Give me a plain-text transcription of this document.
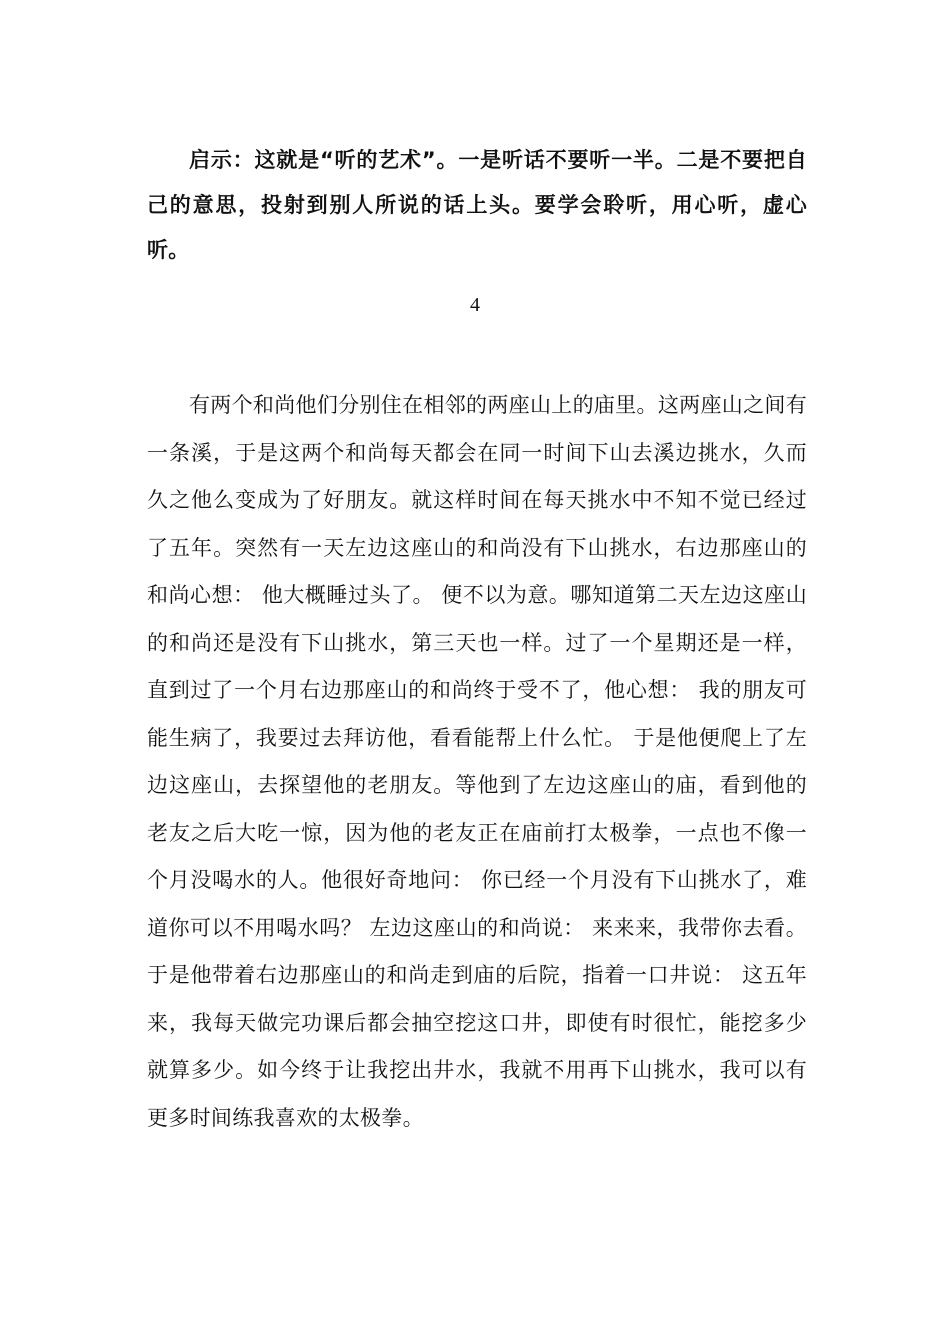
启示：这就是“听的艺术”。一是听话不要听一半。二是不要把自己的意思，投射到别人所说的话上头。要学会聆听，用心听，虚心听。

4

有两个和尚他们分别住在相邻的两座山上的庙里。这两座山之间有一条溪，于是这两个和尚每天都会在同一时间下山去溪边挑水，久而久之他么变成为了好朋友。就这样时间在每天挑水中不知不觉已经过了五年。突然有一天左边这座山的和尚没有下山挑水，右边那座山的和尚心想： 他大概睡过头了。 便不以为意。哪知道第二天左边这座山的和尚还是没有下山挑水，第三天也一样。过了一个星期还是一样，直到过了一个月右边那座山的和尚终于受不了，他心想： 我的朋友可能生病了，我要过去拜访他，看看能帮上什么忙。 于是他便爬上了左边这座山，去探望他的老朋友。等他到了左边这座山的庙，看到他的老友之后大吃一惊，因为他的老友正在庙前打太极拳，一点也不像一个月没喝水的人。他很好奇地问： 你已经一个月没有下山挑水了，难道你可以不用喝水吗？ 左边这座山的和尚说： 来来来，我带你去看。 于是他带着右边那座山的和尚走到庙的后院，指着一口井说： 这五年来，我每天做完功课后都会抽空挖这口井，即使有时很忙，能挖多少就算多少。如今终于让我挖出井水，我就不用再下山挑水，我可以有更多时间练我喜欢的太极拳。
